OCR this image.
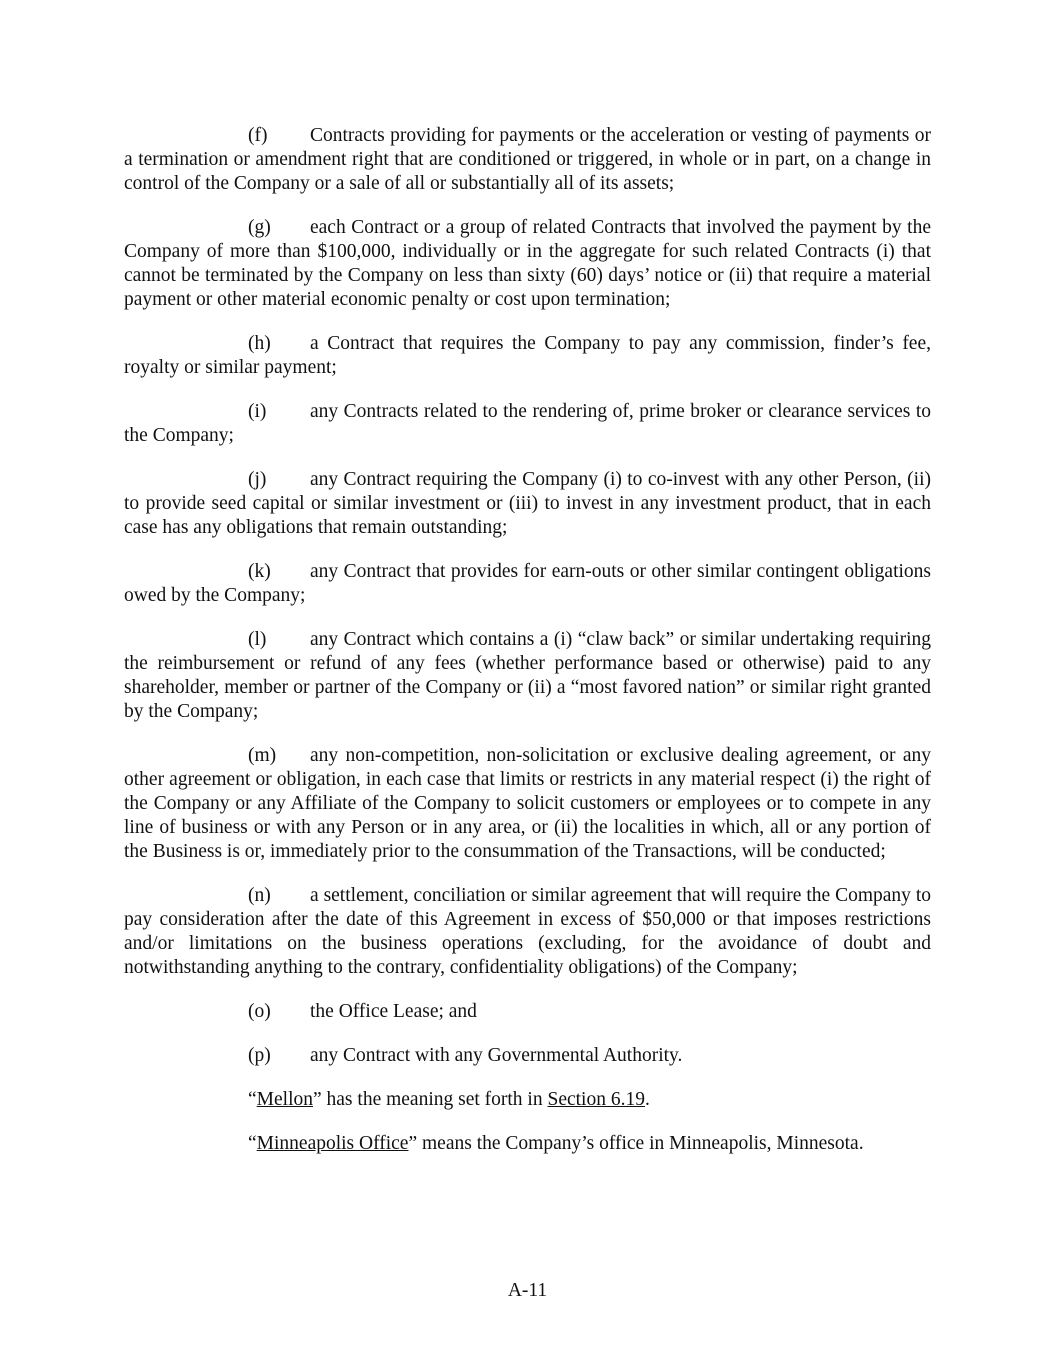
(f) Contracts providing for payments or the acceleration or vesting of payments or a termination or amendment right that are conditioned or triggered, in whole or in part, on a change in control of the Company or a sale of all or substantially all of its assets;

(g) each Contract or a group of related Contracts that involved the payment by the Company of more than $100,000, individually or in the aggregate for such related Contracts (i) that cannot be terminated by the Company on less than sixty (60) days’ notice or (ii) that require a material payment or other material economic penalty or cost upon termination;

(h) a Contract that requires the Company to pay any commission, finder’s fee, royalty or similar payment;

(i) any Contracts related to the rendering of, prime broker or clearance services to the Company;

(j) any Contract requiring the Company (i) to co-invest with any other Person, (ii) to provide seed capital or similar investment or (iii) to invest in any investment product, that in each case has any obligations that remain outstanding;

(k) any Contract that provides for earn-outs or other similar contingent obligations owed by the Company;

(l) any Contract which contains a (i) “claw back” or similar undertaking requiring the reimbursement or refund of any fees (whether performance based or otherwise) paid to any shareholder, member or partner of the Company or (ii) a “most favored nation” or similar right granted by the Company;

(m) any non-competition, non-solicitation or exclusive dealing agreement, or any other agreement or obligation, in each case that limits or restricts in any material respect (i) the right of the Company or any Affiliate of the Company to solicit customers or employees or to compete in any line of business or with any Person or in any area, or (ii) the localities in which, all or any portion of the Business is or, immediately prior to the consummation of the Transactions, will be conducted;

(n) a settlement, conciliation or similar agreement that will require the Company to pay consideration after the date of this Agreement in excess of $50,000 or that imposes restrictions and/or limitations on the business operations (excluding, for the avoidance of doubt and notwithstanding anything to the contrary, confidentiality obligations) of the Company;

(o) the Office Lease; and

(p) any Contract with any Governmental Authority.

“Mellon” has the meaning set forth in Section 6.19.

“Minneapolis Office” means the Company’s office in Minneapolis, Minnesota.

A-11
